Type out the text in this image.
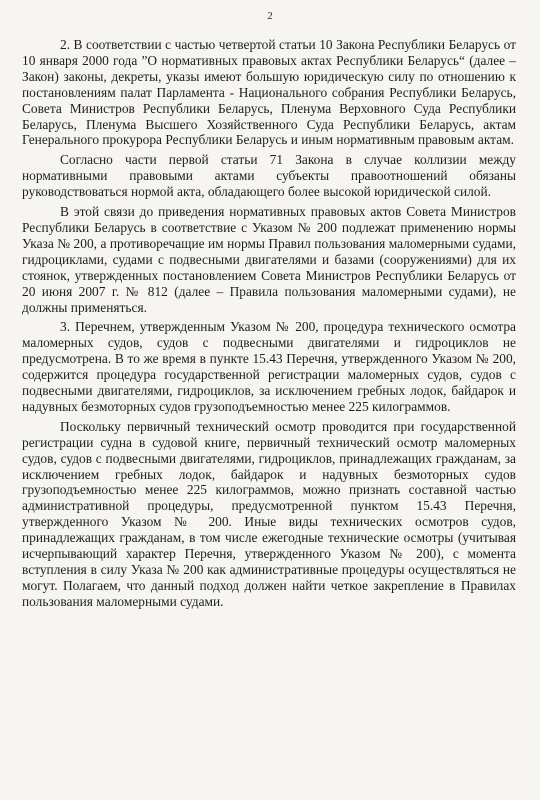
2

2. В соответствии с частью четвертой статьи 10 Закона Республики Беларусь от 10 января 2000 года ”О нормативных правовых актах Республики Беларусь“ (далее – Закон) законы, декреты, указы имеют большую юридическую силу по отношению к постановлениям палат Парламента - Национального собрания Республики Беларусь, Совета Министров Республики Беларусь, Пленума Верховного Суда Республики Беларусь, Пленума Высшего Хозяйственного Суда Республики Беларусь, актам Генерального прокурора Республики Беларусь и иным нормативным правовым актам.

Согласно части первой статьи 71 Закона в случае коллизии между нормативными правовыми актами субъекты правоотношений обязаны руководствоваться нормой акта, обладающего более высокой юридической силой.

В этой связи до приведения нормативных правовых актов Совета Министров Республики Беларусь в соответствие с Указом № 200 подлежат применению нормы Указа № 200, а противоречащие им нормы Правил пользования маломерными судами, гидроциклами, судами с подвесными двигателями и базами (сооружениями) для их стоянок, утвержденных постановлением Совета Министров Республики Беларусь от 20 июня 2007 г. № 812 (далее – Правила пользования маломерными судами), не должны применяться.

3. Перечнем, утвержденным Указом № 200, процедура технического осмотра маломерных судов, судов с подвесными двигателями и гидроциклов не предусмотрена. В то же время в пункте 15.43 Перечня, утвержденного Указом № 200, содержится процедура государственной регистрации маломерных судов, судов с подвесными двигателями, гидроциклов, за исключением гребных лодок, байдарок и надувных безмоторных судов грузоподъемностью менее 225 килограммов.

Поскольку первичный технический осмотр проводится при государственной регистрации судна в судовой книге, первичный технический осмотр маломерных судов, судов с подвесными двигателями, гидроциклов, принадлежащих гражданам, за исключением гребных лодок, байдарок и надувных безмоторных судов грузоподъемностью менее 225 килограммов, можно признать составной частью административной процедуры, предусмотренной пунктом 15.43 Перечня, утвержденного Указом № 200. Иные виды технических осмотров судов, принадлежащих гражданам, в том числе ежегодные технические осмотры (учитывая исчерпывающий характер Перечня, утвержденного Указом № 200), с момента вступления в силу Указа № 200 как административные процедуры осуществляться не могут. Полагаем, что данный подход должен найти четкое закрепление в Правилах пользования маломерными судами.
